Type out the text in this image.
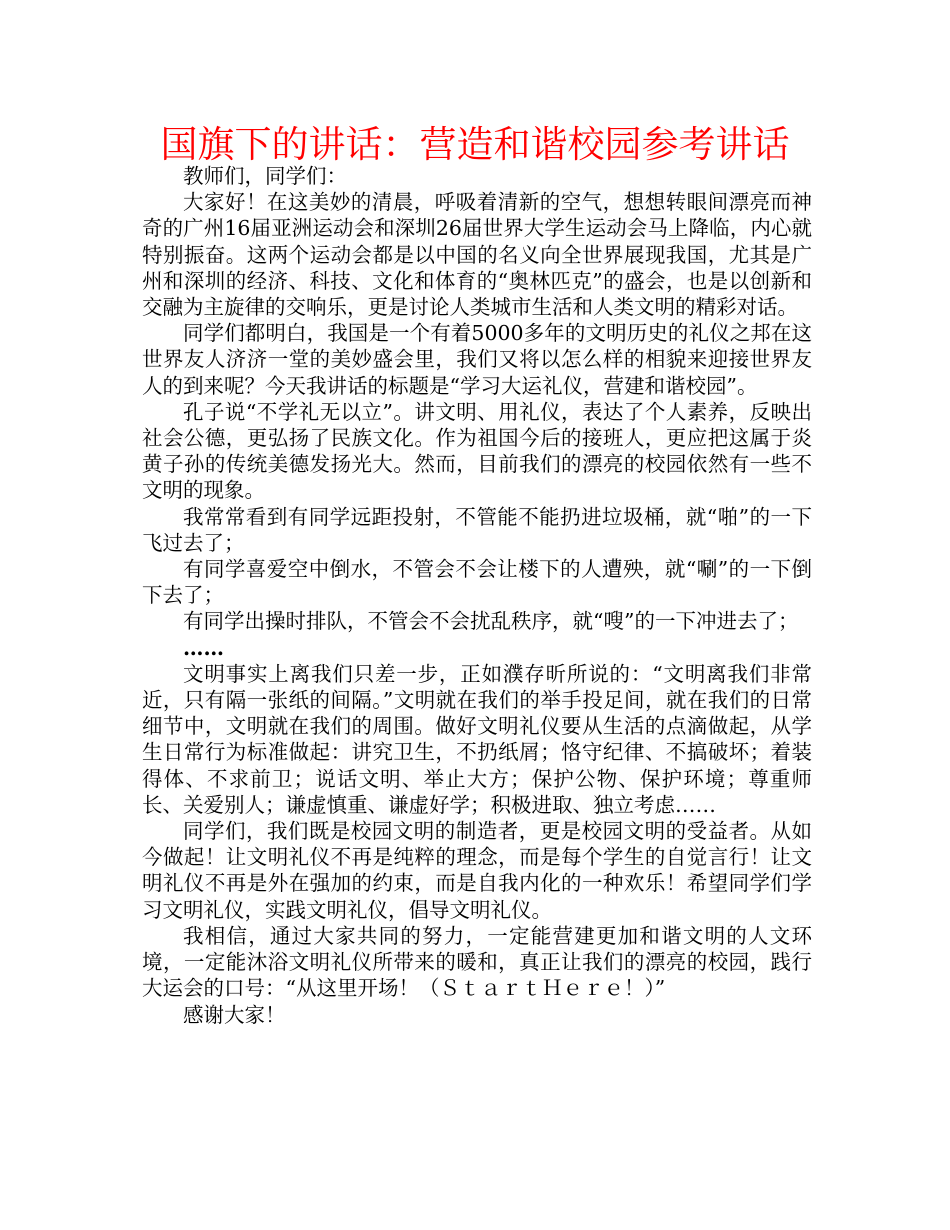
国旗下的讲话：营造和谐校园参考讲话

教师们，同学们：

大家好！在这美妙的清晨，呼吸着清新的空气，想想转眼间漂亮而神奇的广州16届亚洲运动会和深圳26届世界大学生运动会马上降临，内心就特别振奋。这两个运动会都是以中国的名义向全世界展现我国，尤其是广州和深圳的经济、科技、文化和体育的“奥林匹克”的盛会，也是以创新和交融为主旋律的交响乐，更是讨论人类城市生活和人类文明的精彩对话。

同学们都明白，我国是一个有着5000多年的文明历史的礼仪之邦在这世界友人济济一堂的美妙盛会里，我们又将以怎么样的相貌来迎接世界友人的到来呢？今天我讲话的标题是“学习大运礼仪，营建和谐校园”。

孔子说“不学礼无以立”。讲文明、用礼仪，表达了个人素养，反映出社会公德，更弘扬了民族文化。作为祖国今后的接班人，更应把这属于炎黄子孙的传统美德发扬光大。然而，目前我们的漂亮的校园依然有一些不文明的现象。

我常常看到有同学远距投射，不管能不能扔进垃圾桶，就“啪”的一下飞过去了；

有同学喜爱空中倒水，不管会不会让楼下的人遭殃，就“唰”的一下倒下去了；

有同学出操时排队，不管会不会扰乱秩序，就“嗖”的一下冲进去了；

……

文明事实上离我们只差一步，正如濮存昕所说的：“文明离我们非常近，只有隔一张纸的间隔。”文明就在我们的举手投足间，就在我们的日常细节中，文明就在我们的周围。做好文明礼仪要从生活的点滴做起，从学生日常行为标准做起：讲究卫生，不扔纸屑；恪守纪律、不搞破坏；着装得体、不求前卫；说话文明、举止大方；保护公物、保护环境；尊重师长、关爱别人；谦虚慎重、谦虚好学；积极进取、独立考虑……

同学们，我们既是校园文明的制造者，更是校园文明的受益者。从如今做起！让文明礼仪不再是纯粹的理念，而是每个学生的自觉言行！让文明礼仪不再是外在强加的约束，而是自我内化的一种欢乐！希望同学们学习文明礼仪，实践文明礼仪，倡导文明礼仪。

我相信，通过大家共同的努力，一定能营建更加和谐文明的人文环境，一定能沐浴文明礼仪所带来的暖和，真正让我们的漂亮的校园，践行大运会的口号：“从这里开场！（ＳｔａｒｔＨｅｒｅ！）”

感谢大家！
